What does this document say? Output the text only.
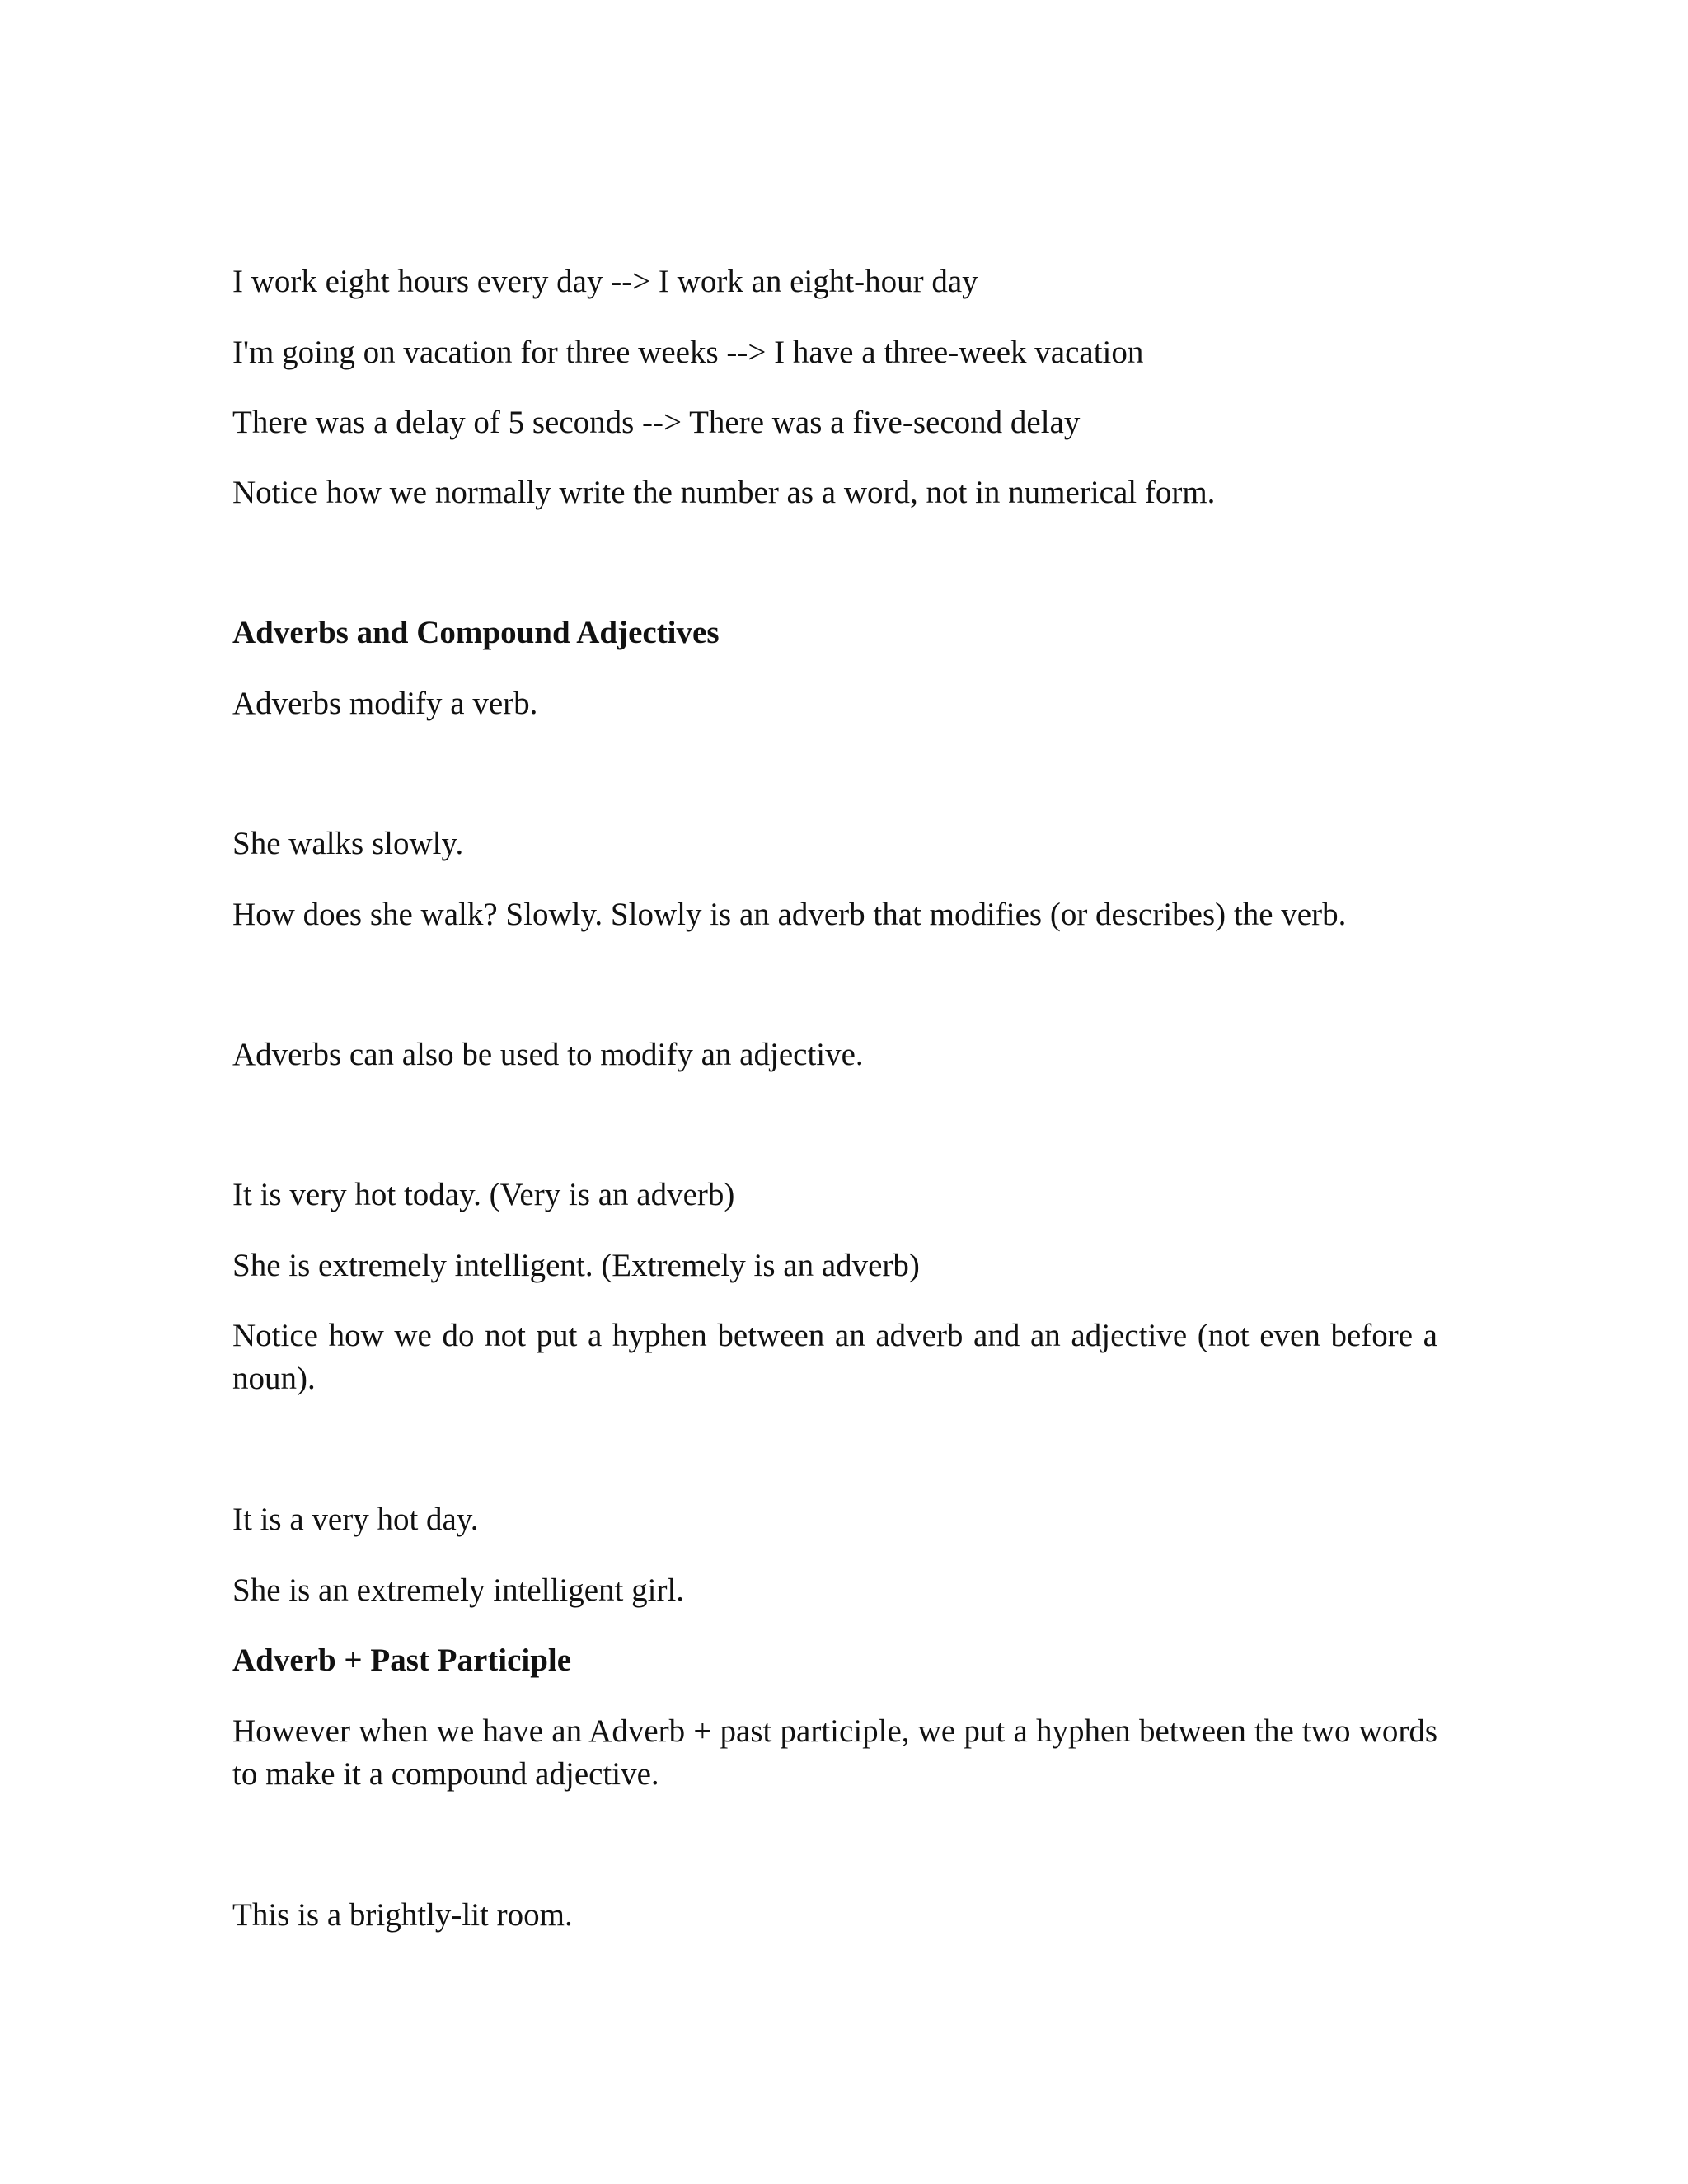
I work eight hours every day --> I work an eight-hour day

I'm going on vacation for three weeks --> I have a three-week vacation

There was a delay of 5 seconds --> There was a five-second delay

Notice how we normally write the number as a word, not in numerical form.

Adverbs and Compound Adjectives

Adverbs modify a verb.

She walks slowly.

How does she walk? Slowly. Slowly is an adverb that modifies (or describes) the verb.

Adverbs can also be used to modify an adjective.

It is very hot today. (Very is an adverb)

She is extremely intelligent. (Extremely is an adverb)

Notice how we do not put a hyphen between an adverb and an adjective (not even before a noun).

It is a very hot day.

She is an extremely intelligent girl.

Adverb + Past Participle

However when we have an Adverb + past participle, we put a hyphen between the two words to make it a compound adjective.

This is a brightly-lit room.
